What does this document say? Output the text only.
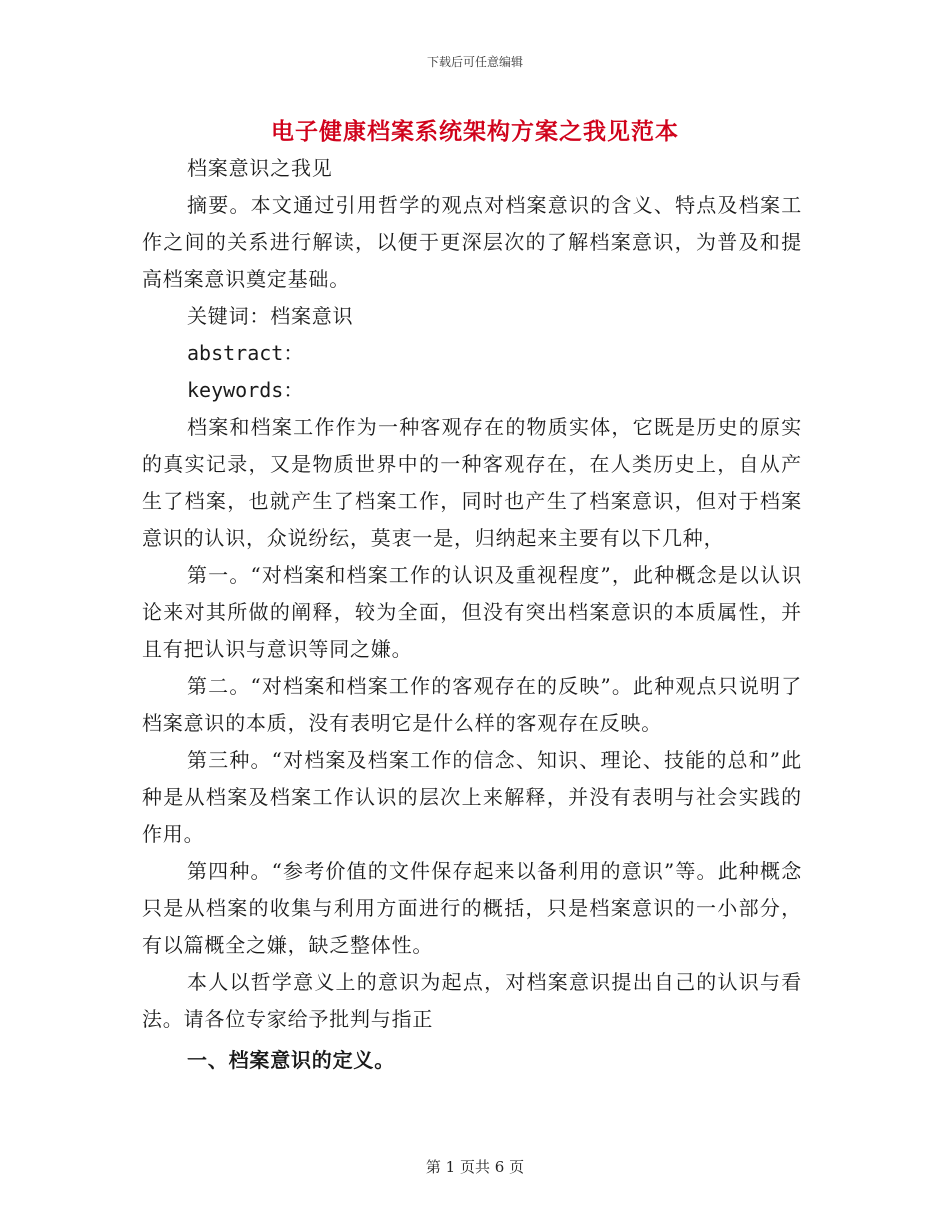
下载后可任意编辑
电子健康档案系统架构方案之我见范本

档案意识之我见

摘要。本文通过引用哲学的观点对档案意识的含义、特点及档案工作之间的关系进行解读，以便于更深层次的了解档案意识，为普及和提高档案意识奠定基础。

关键词：档案意识

abstract：

keywords：

档案和档案工作作为一种客观存在的物质实体，它既是历史的原实的真实记录，又是物质世界中的一种客观存在，在人类历史上，自从产生了档案，也就产生了档案工作，同时也产生了档案意识，但对于档案意识的认识，众说纷纭，莫衷一是，归纳起来主要有以下几种，

第一。“对档案和档案工作的认识及重视程度”，此种概念是以认识论来对其所做的阐释，较为全面，但没有突出档案意识的本质属性，并且有把认识与意识等同之嫌。

第二。“对档案和档案工作的客观存在的反映”。此种观点只说明了档案意识的本质，没有表明它是什么样的客观存在反映。

第三种。“对档案及档案工作的信念、知识、理论、技能的总和”此种是从档案及档案工作认识的层次上来解释，并没有表明与社会实践的作用。

第四种。“参考价值的文件保存起来以备利用的意识”等。此种概念只是从档案的收集与利用方面进行的概括，只是档案意识的一小部分，有以篇概全之嫌，缺乏整体性。

本人以哲学意义上的意识为起点，对档案意识提出自己的认识与看法。请各位专家给予批判与指正

一、档案意识的定义。

第 1 页共 6 页
